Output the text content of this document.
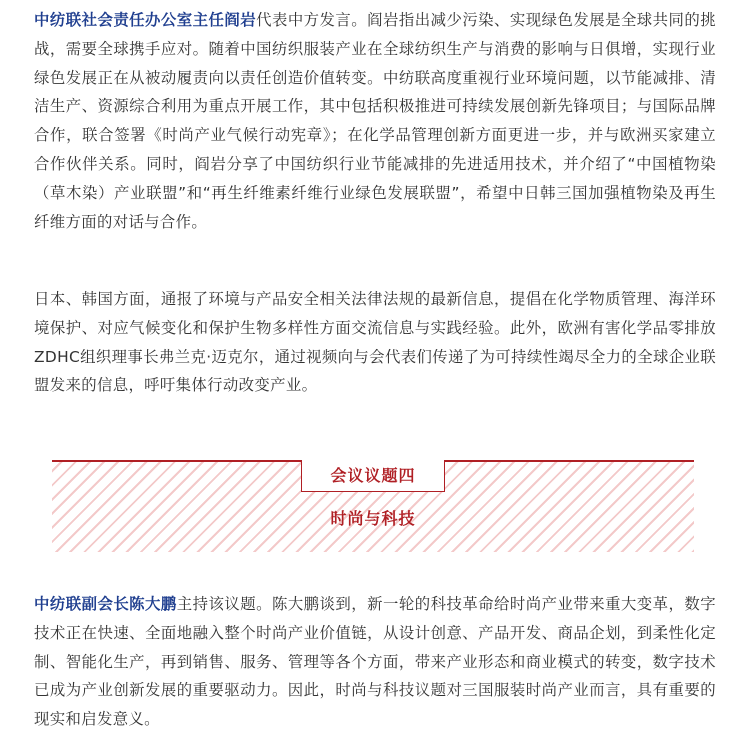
中纺联社会责任办公室主任阎岩代表中方发言。阎岩指出减少污染、实现绿色发展是全球共同的挑战，需要全球携手应对。随着中国纺织服装产业在全球纺织生产与消费的影响与日俱增，实现行业绿色发展正在从被动履责向以责任创造价值转变。中纺联高度重视行业环境问题，以节能减排、清洁生产、资源综合利用为重点开展工作，其中包括积极推进可持续发展创新先锋项目；与国际品牌合作，联合签署《时尚产业气候行动宪章》；在化学品管理创新方面更进一步，并与欧洲买家建立合作伙伴关系。同时，阎岩分享了中国纺织行业节能减排的先进适用技术，并介绍了“中国植物染（草木染）产业联盟”和“再生纤维素纤维行业绿色发展联盟”，希望中日韩三国加强植物染及再生纤维方面的对话与合作。

日本、韩国方面，通报了环境与产品安全相关法律法规的最新信息，提倡在化学物质管理、海洋环境保护、对应气候变化和保护生物多样性方面交流信息与实践经验。此外，欧洲有害化学品零排放ZDHC组织理事长弗兰克·迈克尔，通过视频向与会代表们传递了为可持续性竭尽全力的全球企业联盟发来的信息，呼吁集体行动改变产业。

会议议题四
时尚与科技

中纺联副会长陈大鹏主持该议题。陈大鹏谈到，新一轮的科技革命给时尚产业带来重大变革，数字技术正在快速、全面地融入整个时尚产业价值链，从设计创意、产品开发、商品企划，到柔性化定制、智能化生产，再到销售、服务、管理等各个方面，带来产业形态和商业模式的转变，数字技术已成为产业创新发展的重要驱动力。因此，时尚与科技议题对三国服装时尚产业而言，具有重要的现实和启发意义。
